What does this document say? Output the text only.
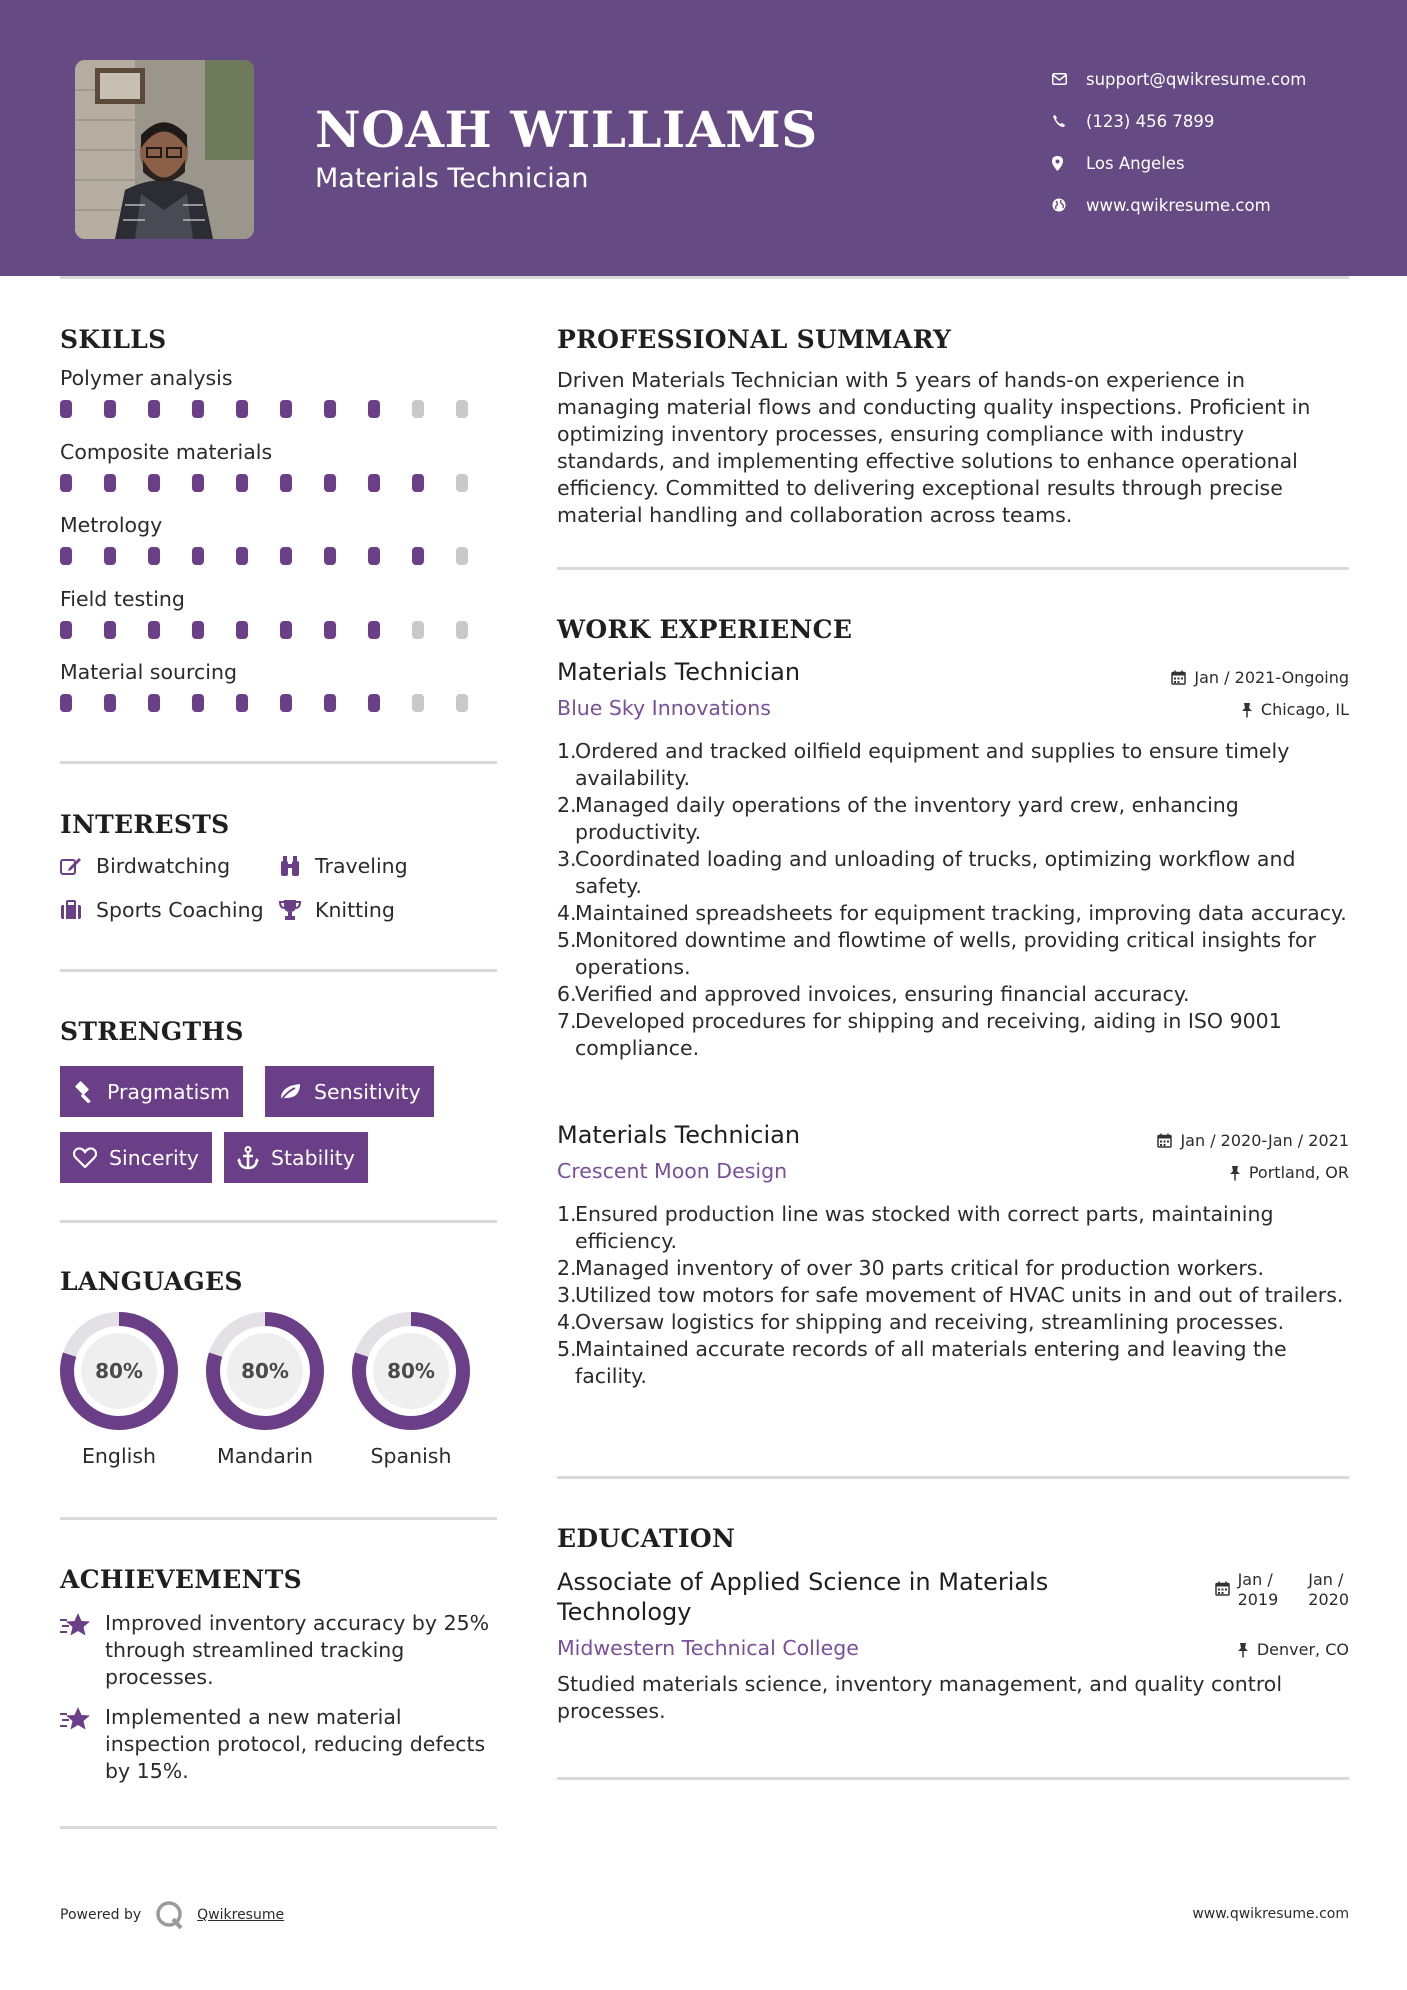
NOAH WILLIAMS
Materials Technician
support@qwikresume.com
(123) 456 7899
Los Angeles
www.qwikresume.com
SKILLS
Polymer analysis
Composite materials
Metrology
Field testing
Material sourcing
INTERESTS
Birdwatching	Traveling
Sports Coaching	Knitting
STRENGTHS
Pragmatism	Sensitivity
Sincerity	Stability
LANGUAGES
80%
English
80%
Mandarin
80%
Spanish
ACHIEVEMENTS
Improved inventory accuracy by 25% through streamlined tracking processes.
Implemented a new material inspection protocol, reducing defects by 15%.
PROFESSIONAL SUMMARY
Driven Materials Technician with 5 years of hands-on experience in managing material flows and conducting quality inspections. Proficient in optimizing inventory processes, ensuring compliance with industry standards, and implementing effective solutions to enhance operational efficiency. Committed to delivering exceptional results through precise material handling and collaboration across teams.
WORK EXPERIENCE
Materials Technician	Jan / 2021-Ongoing
Blue Sky Innovations	Chicago, IL
1.
Ordered and tracked oilfield equipment and supplies to ensure timely availability.
2.
Managed daily operations of the inventory yard crew, enhancing productivity.
3.
Coordinated loading and unloading of trucks, optimizing workflow and safety.
4.
Maintained spreadsheets for equipment tracking, improving data accuracy.
5.
Monitored downtime and flowtime of wells, providing critical insights for operations.
6.
Verified and approved invoices, ensuring financial accuracy.
7.
Developed procedures for shipping and receiving, aiding in ISO 9001 compliance.
Materials Technician	Jan / 2020-Jan / 2021
Crescent Moon Design	Portland, OR
1.
Ensured production line was stocked with correct parts, maintaining efficiency.
2.
Managed inventory of over 30 parts critical for production workers.
3.
Utilized tow motors for safe movement of HVAC units in and out of trailers.
4.
Oversaw logistics for shipping and receiving, streamlining processes.
5.
Maintained accurate records of all materials entering and leaving the facility.
EDUCATION
Associate of Applied Science in Materials Technology
Jan /
2019
Jan /
2020
Midwestern Technical College	Denver, CO
Studied materials science, inventory management, and quality control processes.
Powered by	Qwikresume	www.qwikresume.com
